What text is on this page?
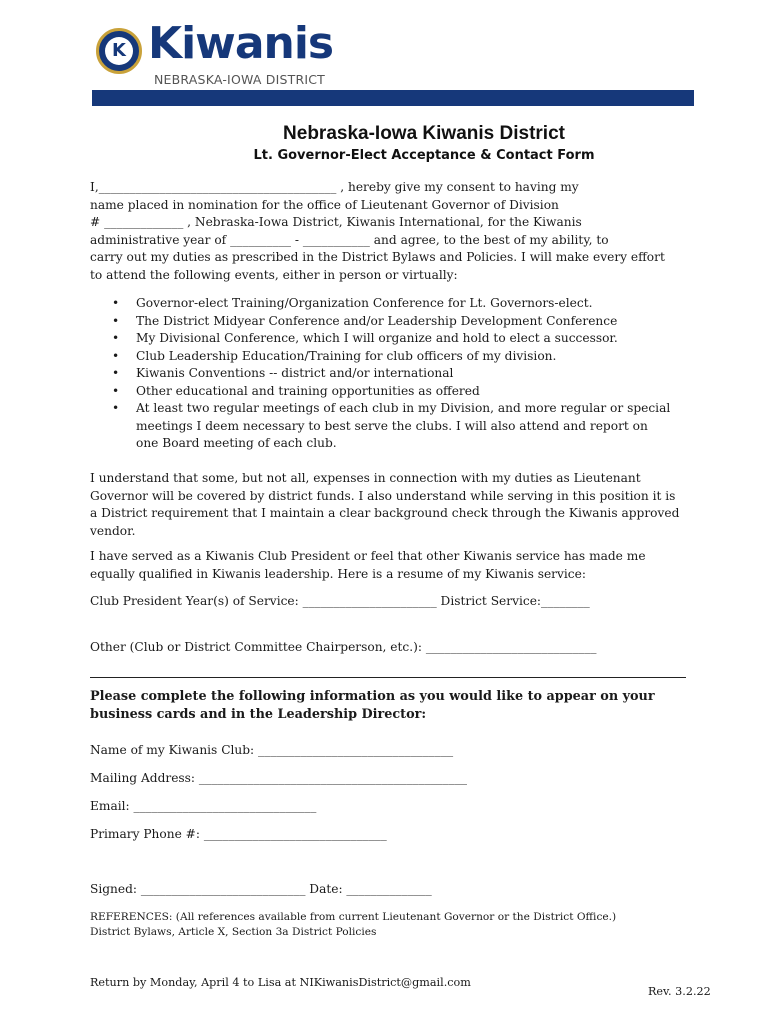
K Kiwanis
NEBRASKA-IOWA DISTRICT
Nebraska-Iowa Kiwanis District
Lt. Governor-Elect Acceptance & Contact Form

I,_______________________________________ , hereby give my consent to having my
name placed in nomination for the office of Lieutenant Governor of Division
# _____________ , Nebraska-Iowa District, Kiwanis International, for the Kiwanis
administrative year of __________ - ___________ and agree, to the best of my ability, to
carry out my duties as prescribed in the District Bylaws and Policies. I will make every effort
to attend the following events, either in person or virtually:

• Governor-elect Training/Organization Conference for Lt. Governors-elect.
• The District Midyear Conference and/or Leadership Development Conference
• My Divisional Conference, which I will organize and hold to elect a successor.
• Club Leadership Education/Training for club officers of my division.
• Kiwanis Conventions -- district and/or international
• Other educational and training opportunities as offered
• At least two regular meetings of each club in my Division, and more regular or special meetings I deem necessary to best serve the clubs. I will also attend and report on one Board meeting of each club.

I understand that some, but not all, expenses in connection with my duties as Lieutenant
Governor will be covered by district funds. I also understand while serving in this position it is
a District requirement that I maintain a clear background check through the Kiwanis approved
vendor.

I have served as a Kiwanis Club President or feel that other Kiwanis service has made me
equally qualified in Kiwanis leadership. Here is a resume of my Kiwanis service:

Club President Year(s) of Service: ______________________ District Service:________
Other (Club or District Committee Chairperson, etc.): ____________________________

Please complete the following information as you would like to appear on your
business cards and in the Leadership Director:

Name of my Kiwanis Club: ________________________________
Mailing Address: ____________________________________________
Email: ______________________________
Primary Phone #: ______________________________
Signed: ___________________________ Date: ______________
REFERENCES: (All references available from current Lieutenant Governor or the District Office.)
District Bylaws, Article X, Section 3a District Policies
Return by Monday, April 4 to Lisa at NIKiwanisDistrict@gmail.com
Rev. 3.2.22
